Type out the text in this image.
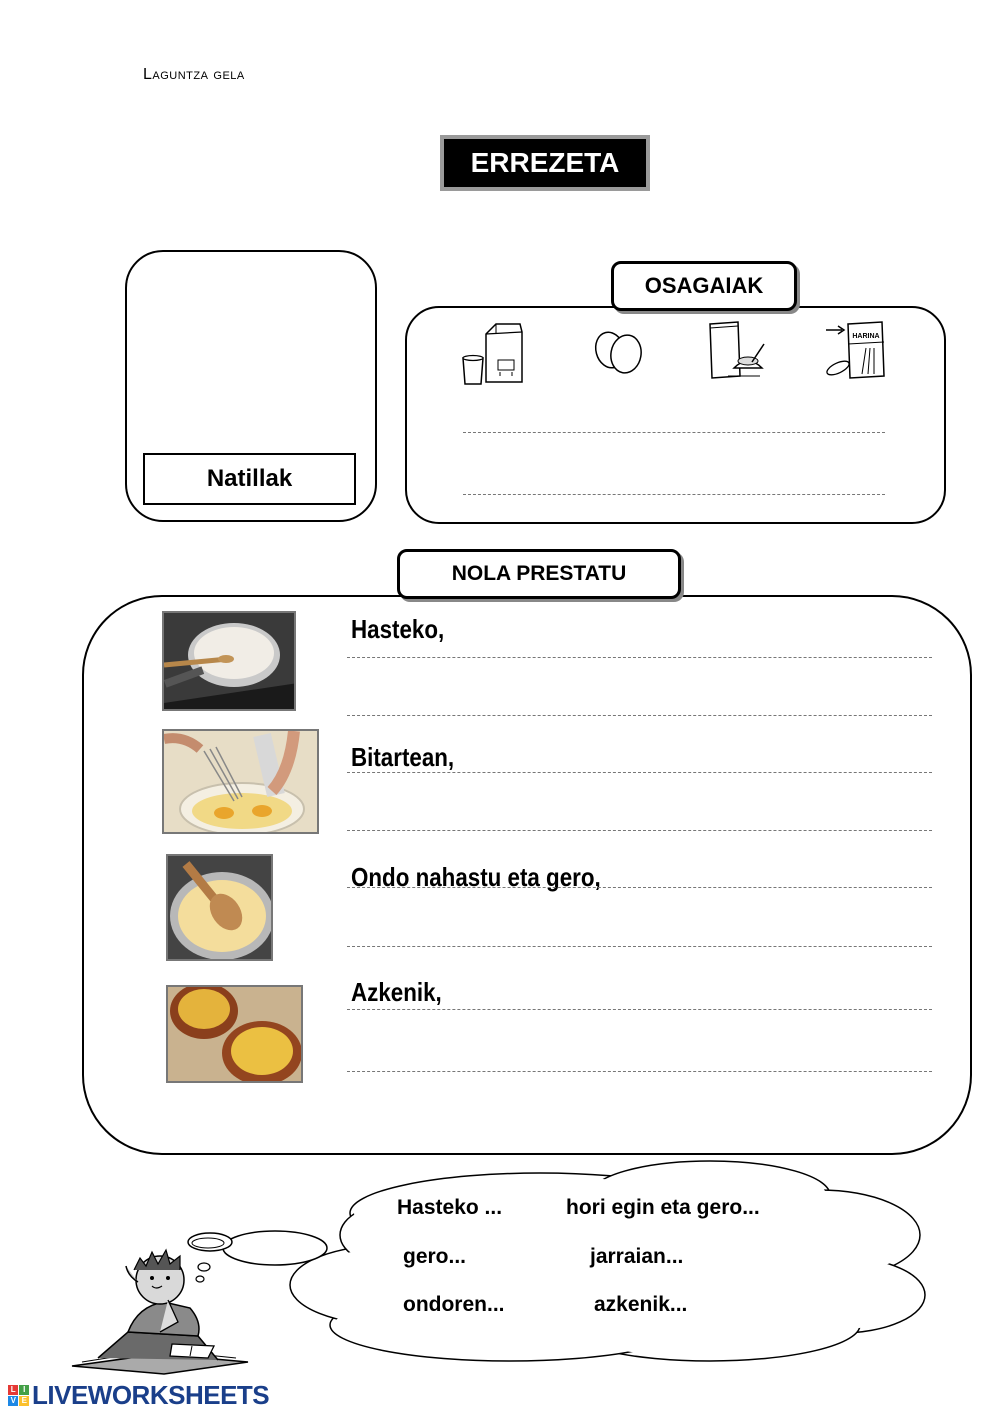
Laguntza gela
ERREZETA
Natillak
OSAGAIAK
HARINA
NOLA PRESTATU
Hasteko,
Bitartean,
Ondo nahastu eta gero,
Azkenik,
Hasteko ...
gero...
ondoren...
hori egin eta gero...
jarraian...
azkenik...
L I
V E LIVEWORKSHEETS
